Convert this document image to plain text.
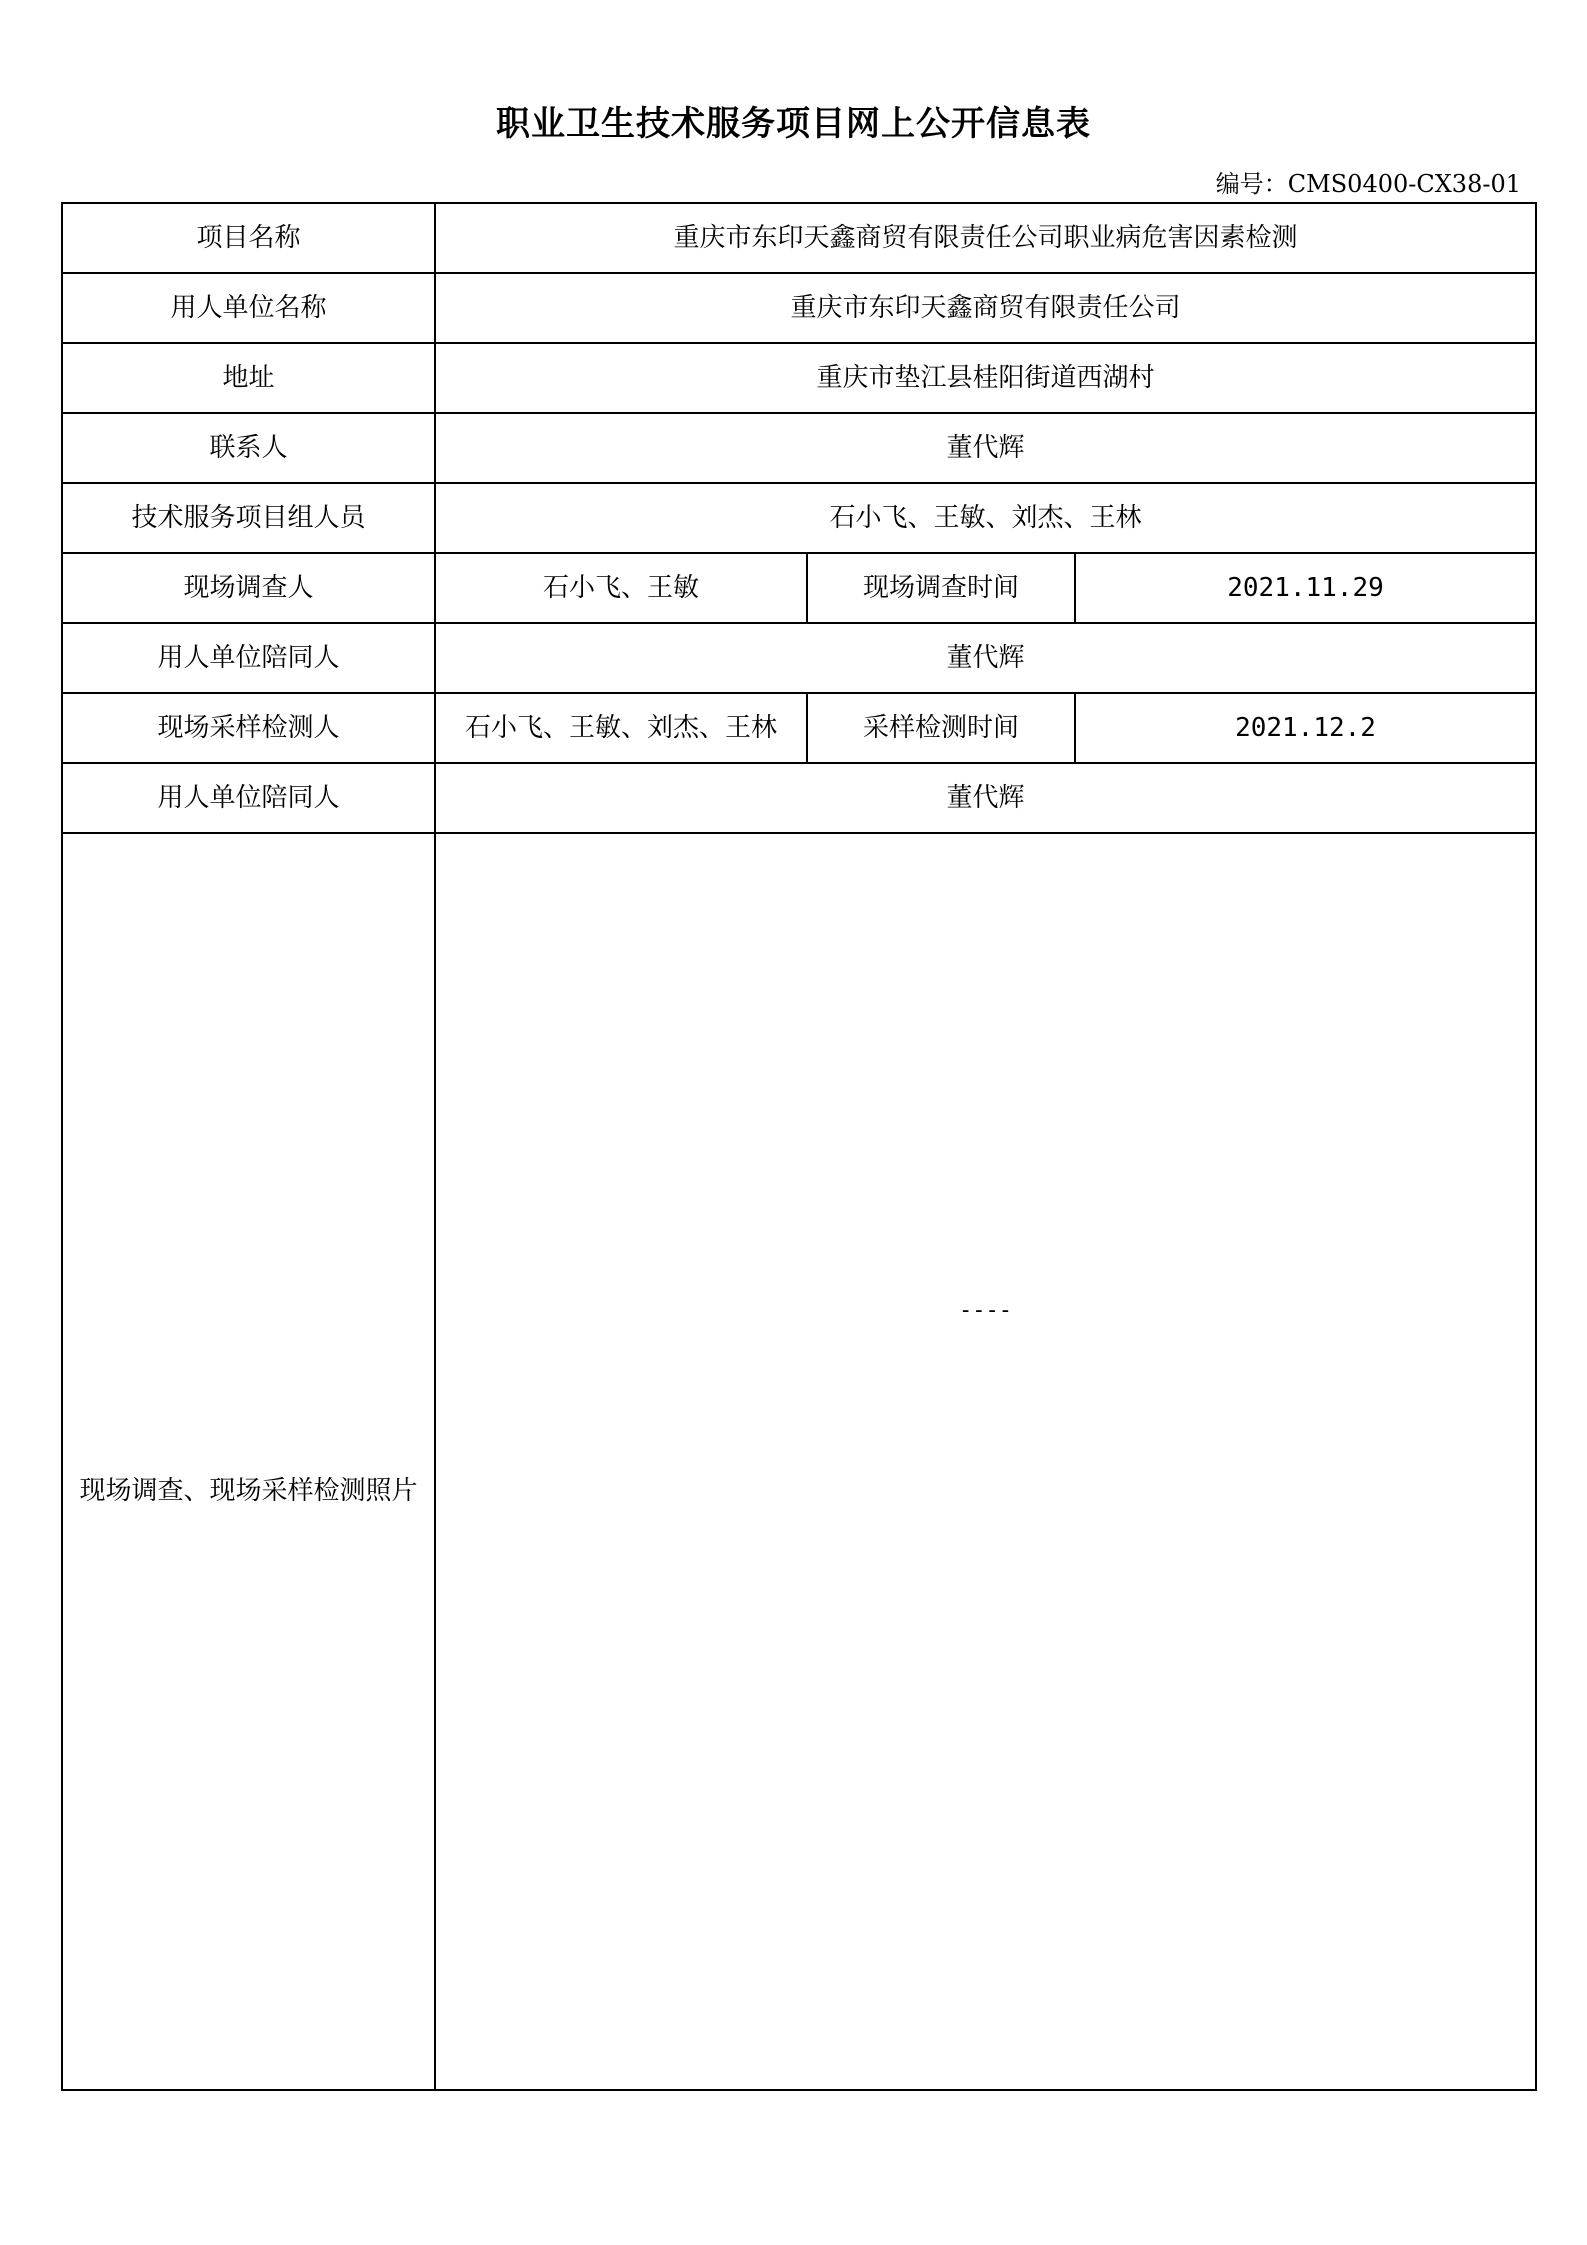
职业卫生技术服务项目网上公开信息表
编号：CMS0400-CX38-01
项目名称	重庆市东印天鑫商贸有限责任公司职业病危害因素检测		
用人单位名称	重庆市东印天鑫商贸有限责任公司		
地址	重庆市垫江县桂阳街道西湖村		
联系人	董代辉		
技术服务项目组人员	石小飞、王敏、刘杰、王林		
现场调查人	石小飞、王敏	现场调查时间	2021.11.29
用人单位陪同人	董代辉		
现场采样检测人	石小飞、王敏、刘杰、王林	采样检测时间	2021.12.2
用人单位陪同人	董代辉		

现场调查、现场采样检测照片	----		
